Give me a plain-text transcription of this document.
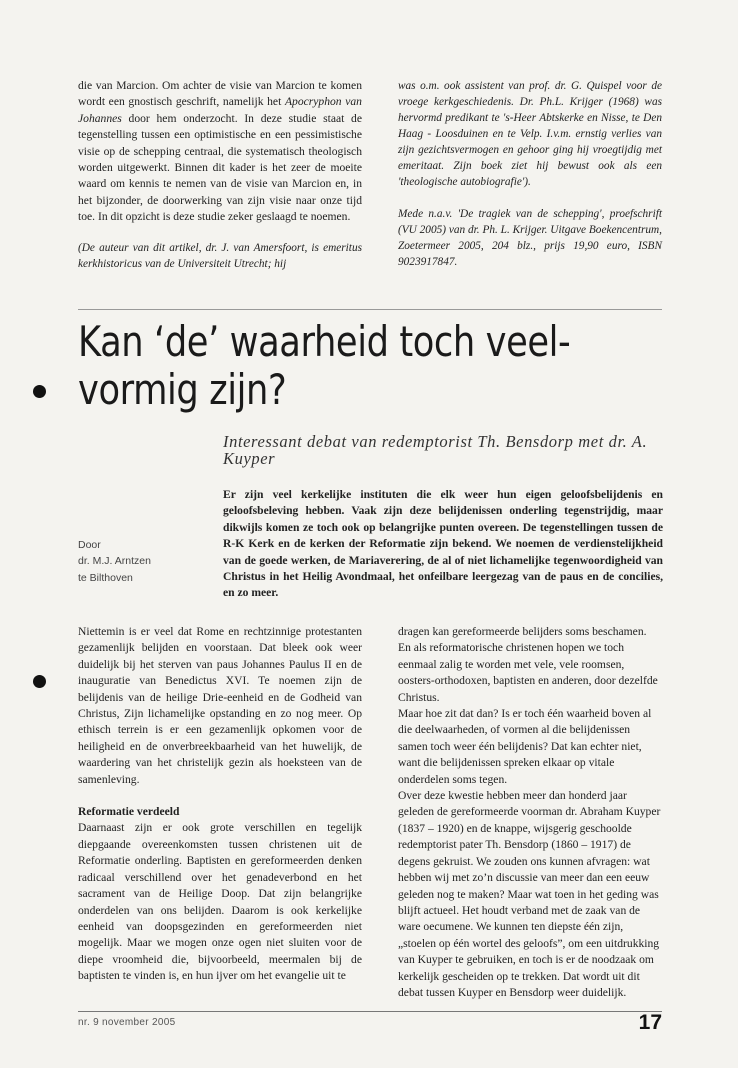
die van Marcion. Om achter de visie van Marcion te komen wordt een gnostisch geschrift, namelijk het Apocryphon van Johannes door hem onderzocht. In deze studie staat de tegenstelling tussen een optimistische en een pessimistische visie op de schepping centraal, die systematisch theologisch worden uitgewerkt. Binnen dit kader is het zeer de moeite waard om kennis te nemen van de visie van Marcion en, in het bijzonder, de doorwerking van zijn visie naar onze tijd toe. In dit opzicht is deze studie zeker geslaagd te noemen.

(De auteur van dit artikel, dr. J. van Amersfoort, is emeritus kerkhistoricus van de Universiteit Utrecht; hij

was o.m. ook assistent van prof. dr. G. Quispel voor de vroege kerkgeschiedenis. Dr. Ph.L. Krijger (1968) was hervormd predikant te 's-Heer Abtskerke en Nisse, te Den Haag - Loosduinen en te Velp. I.v.m. ernstig verlies van zijn gezichtsvermogen en gehoor ging hij vroegtijdig met emeritaat. Zijn boek ziet hij bewust ook als een 'theologische autobiografie').

Mede n.a.v. 'De tragiek van de schepping', proefschrift (VU 2005) van dr. Ph. L. Krijger. Uitgave Boekencentrum, Zoetermeer 2005, 204 blz., prijs 19,90 euro, ISBN 9023917847.

Kan ‘de’ waarheid toch veel-
vormig zijn?

Interessant debat van redemptorist Th. Bensdorp met dr. A. Kuyper

Er zijn veel kerkelijke instituten die elk weer hun eigen geloofsbelijdenis en geloofsbeleving hebben. Vaak zijn deze belijdenissen onderling tegenstrijdig, maar dikwijls komen ze toch ook op belangrijke punten overeen. De tegenstellingen tussen de R-K Kerk en de kerken der Reformatie zijn bekend. We noemen de verdienstelijkheid van de goede werken, de Mariaverering, de al of niet lichamelijke tegenwoordigheid van Christus in het Heilig Avondmaal, het onfeilbare leergezag van de paus en de concilies, en zo meer.

Door
dr. M.J. Arntzen
te Bilthoven

Niettemin is er veel dat Rome en rechtzinnige protestanten gezamenlijk belijden en voorstaan. Dat bleek ook weer duidelijk bij het sterven van paus Johannes Paulus II en de inauguratie van Benedictus XVI. Te noemen zijn de belijdenis van de heilige Drie-eenheid en de Godheid van Christus, Zijn lichamelijke opstanding en zo nog meer. Op ethisch terrein is er een gezamenlijk opkomen voor de heiligheid en de onverbreekbaarheid van het huwelijk, de waardering van het christelijk gezin als hoeksteen van de samenleving.

Reformatie verdeeld

Daarnaast zijn er ook grote verschillen en tegelijk diepgaande overeenkomsten tussen christenen uit de Reformatie onderling. Baptisten en gereformeerden denken radicaal verschillend over het genadeverbond en het sacrament van de Heilige Doop. Dat zijn belangrijke onderdelen van ons belijden. Daarom is ook kerkelijke eenheid van doopsgezinden en gereformeerden niet mogelijk. Maar we mogen onze ogen niet sluiten voor de diepe vroomheid die, bijvoorbeeld, meermalen bij de baptisten te vinden is, en hun ijver om het evangelie uit te

dragen kan gereformeerde belijders soms beschamen. En als reformatorische christenen hopen we toch eenmaal zalig te worden met vele, vele roomsen, oosters-orthodoxen, baptisten en anderen, door dezelfde Christus.

Maar hoe zit dat dan? Is er toch één waarheid boven al die deelwaarheden, of vormen al die belijdenissen samen toch weer één belijdenis? Dat kan echter niet, want die belijdenissen spreken elkaar op vitale onderdelen soms tegen.

Over deze kwestie hebben meer dan honderd jaar geleden de gereformeerde voorman dr. Abraham Kuyper (1837 – 1920) en de knappe, wijsgerig geschoolde redemptorist pater Th. Bensdorp (1860 – 1917) de degens gekruist. We zouden ons kunnen afvragen: wat hebben wij met zo’n discussie van meer dan een eeuw geleden nog te maken? Maar wat toen in het geding was blijft actueel. Het houdt verband met de zaak van de ware oecumene. We kunnen ten diepste één zijn, „stoelen op één wortel des geloofs”, om een uitdrukking van Kuyper te gebruiken, en toch is er de noodzaak om kerkelijk gescheiden op te trekken. Dat wordt uit dit debat tussen Kuyper en Bensdorp weer duidelijk.

nr. 9 november 2005	17
